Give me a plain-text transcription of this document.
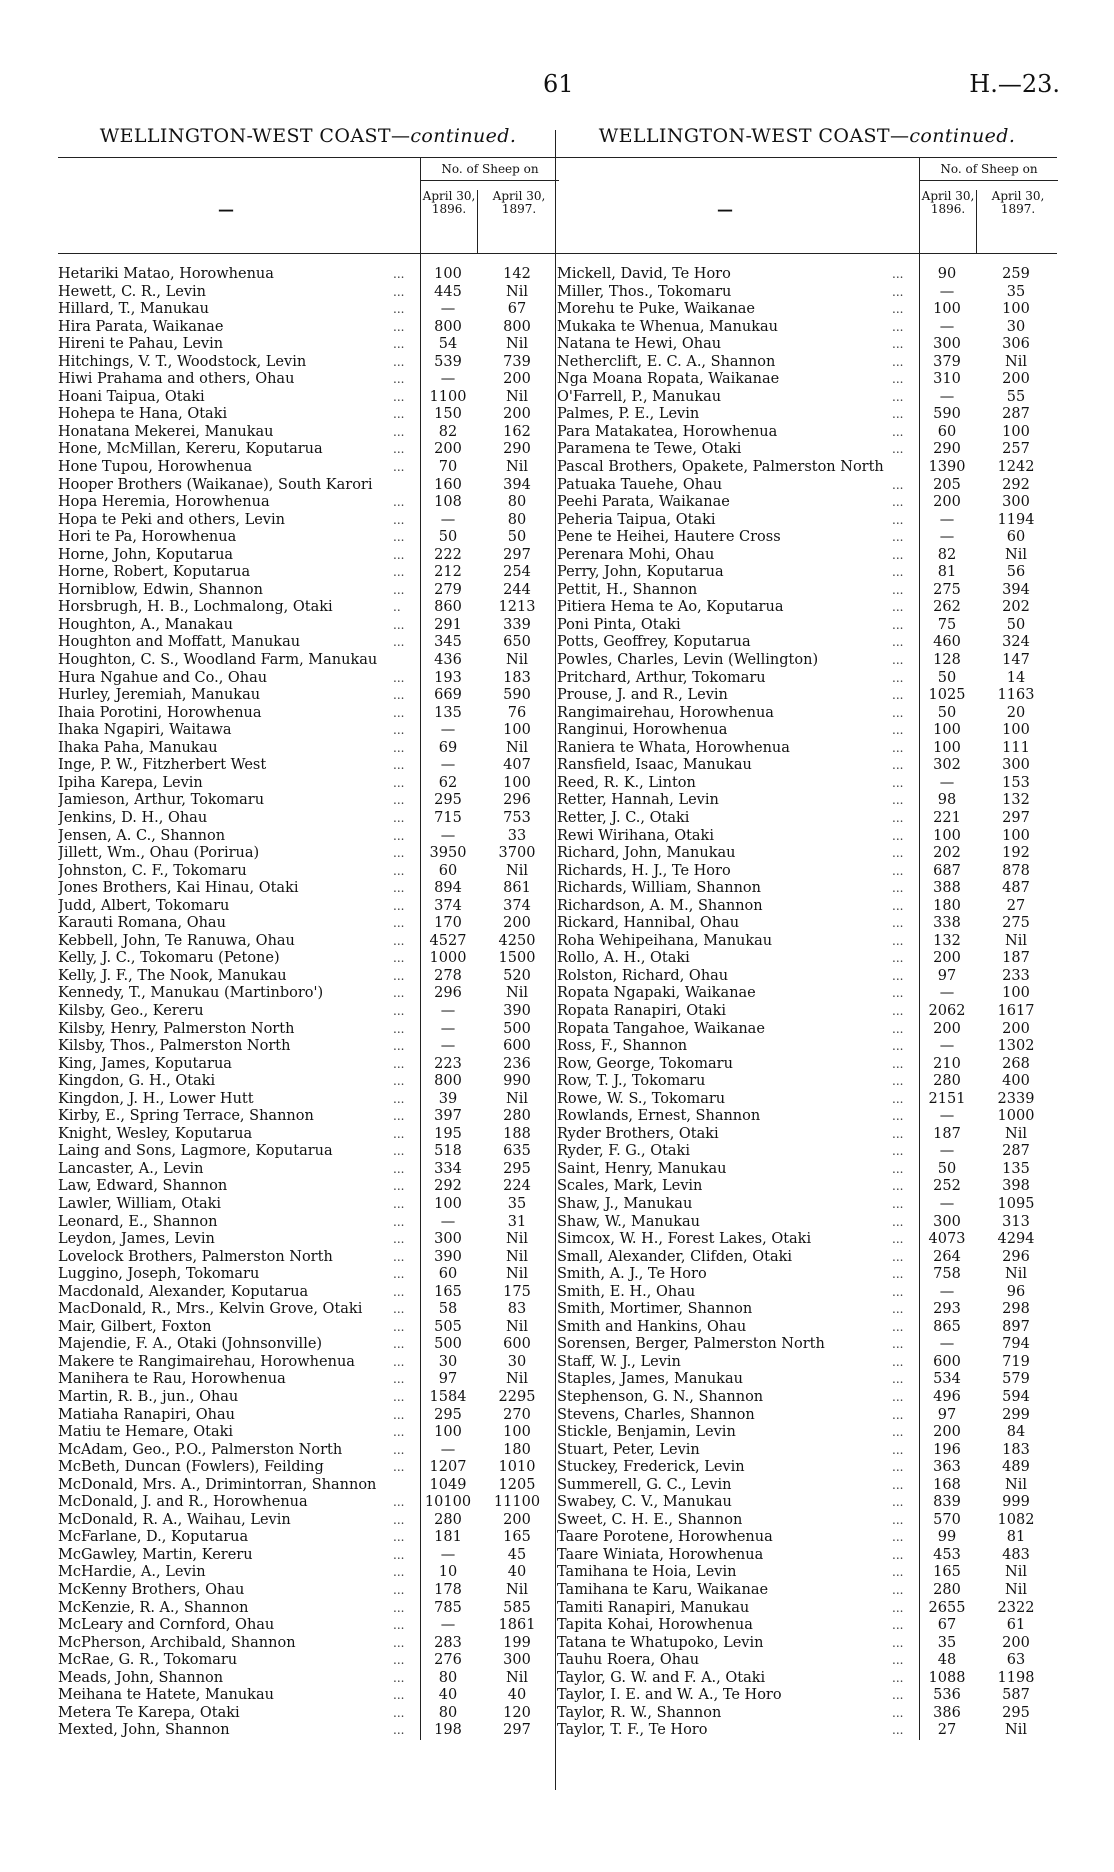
61	H.—23.
WELLINGTON-WEST COAST—continued.
—
No. of Sheep on
April 30, 1896.
April 30, 1897.
Hetariki Matao, Horowhenua	...	100	142
Hewett, C. R., Levin	...	445	Nil
Hillard, T., Manukau	...	—	67
Hira Parata, Waikanae	...	800	800
Hireni te Pahau, Levin	...	54	Nil
Hitchings, V. T., Woodstock, Levin	...	539	739
Hiwi Prahama and others, Ohau	...	—	200
Hoani Taipua, Otaki	...	1100	Nil
Hohepa te Hana, Otaki	...	150	200
Honatana Mekerei, Manukau	...	82	162
Hone, McMillan, Kereru, Koputarua	...	200	290
Hone Tupou, Horowhenua	...	70	Nil
Hooper Brothers (Waikanae), South Karori	160	394
Hopa Heremia, Horowhenua	...	108	80
Hopa te Peki and others, Levin	...	—	80
Hori te Pa, Horowhenua	...	50	50
Horne, John, Koputarua	...	222	297
Horne, Robert, Koputarua	...	212	254
Horniblow, Edwin, Shannon	...	279	244
Horsbrugh, H. B., Lochmalong, Otaki	..	860	1213
Houghton, A., Manakau	...	291	339
Houghton and Moffatt, Manukau	...	345	650
Houghton, C. S., Woodland Farm, Manukau	436	Nil
Hura Ngahue and Co., Ohau	...	193	183
Hurley, Jeremiah, Manukau	...	669	590
Ihaia Porotini, Horowhenua	...	135	76
Ihaka Ngapiri, Waitawa	...	—	100
Ihaka Paha, Manukau	...	69	Nil
Inge, P. W., Fitzherbert West	...	—	407
Ipiha Karepa, Levin	...	62	100
Jamieson, Arthur, Tokomaru	...	295	296
Jenkins, D. H., Ohau	...	715	753
Jensen, A. C., Shannon	...	—	33
Jillett, Wm., Ohau (Porirua)	...	3950	3700
Johnston, C. F., Tokomaru	...	60	Nil
Jones Brothers, Kai Hinau, Otaki	...	894	861
Judd, Albert, Tokomaru	...	374	374
Karauti Romana, Ohau	...	170	200
Kebbell, John, Te Ranuwa, Ohau	...	4527	4250
Kelly, J. C., Tokomaru (Petone)	...	1000	1500
Kelly, J. F., The Nook, Manukau	...	278	520
Kennedy, T., Manukau (Martinboro')	...	296	Nil
Kilsby, Geo., Kereru	...	—	390
Kilsby, Henry, Palmerston North	...	—	500
Kilsby, Thos., Palmerston North	...	—	600
King, James, Koputarua	...	223	236
Kingdon, G. H., Otaki	...	800	990
Kingdon, J. H., Lower Hutt	...	39	Nil
Kirby, E., Spring Terrace, Shannon	...	397	280
Knight, Wesley, Koputarua	...	195	188
Laing and Sons, Lagmore, Koputarua	...	518	635
Lancaster, A., Levin	...	334	295
Law, Edward, Shannon	...	292	224
Lawler, William, Otaki	...	100	35
Leonard, E., Shannon	...	—	31
Leydon, James, Levin	...	300	Nil
Lovelock Brothers, Palmerston North	...	390	Nil
Luggino, Joseph, Tokomaru	...	60	Nil
Macdonald, Alexander, Koputarua	...	165	175
MacDonald, R., Mrs., Kelvin Grove, Otaki	...	58	83
Mair, Gilbert, Foxton	...	505	Nil
Majendie, F. A., Otaki (Johnsonville)	...	500	600
Makere te Rangimairehau, Horowhenua	...	30	30
Manihera te Rau, Horowhenua	...	97	Nil
Martin, R. B., jun., Ohau	...	1584	2295
Matiaha Ranapiri, Ohau	...	295	270
Matiu te Hemare, Otaki	...	100	100
McAdam, Geo., P.O., Palmerston North	...	—	180
McBeth, Duncan (Fowlers), Feilding	...	1207	1010
McDonald, Mrs. A., Drimintorran, Shannon	1049	1205
McDonald, J. and R., Horowhenua	...	10100	11100
McDonald, R. A., Waihau, Levin	...	280	200
McFarlane, D., Koputarua	...	181	165
McGawley, Martin, Kereru	...	—	45
McHardie, A., Levin	...	10	40
McKenny Brothers, Ohau	...	178	Nil
McKenzie, R. A., Shannon	...	785	585
McLeary and Cornford, Ohau	...	—	1861
McPherson, Archibald, Shannon	...	283	199
McRae, G. R., Tokomaru	...	276	300
Meads, John, Shannon	...	80	Nil
Meihana te Hatete, Manukau	...	40	40
Metera Te Karepa, Otaki	...	80	120
Mexted, John, Shannon	...	198	297
WELLINGTON-WEST COAST—continued.
—
No. of Sheep on
April 30, 1896.
April 30, 1897.
Mickell, David, Te Horo	...	90	259
Miller, Thos., Tokomaru	...	—	35
Morehu te Puke, Waikanae	...	100	100
Mukaka te Whenua, Manukau	...	—	30
Natana te Hewi, Ohau	...	300	306
Netherclift, E. C. A., Shannon	...	379	Nil
Nga Moana Ropata, Waikanae	...	310	200
O'Farrell, P., Manukau	...	—	55
Palmes, P. E., Levin	...	590	287
Para Matakatea, Horowhenua	...	60	100
Paramena te Tewe, Otaki	...	290	257
Pascal Brothers, Opakete, Palmerston North	1390	1242
Patuaka Tauehe, Ohau	...	205	292
Peehi Parata, Waikanae	...	200	300
Peheria Taipua, Otaki	...	—	1194
Pene te Heihei, Hautere Cross	...	—	60
Perenara Mohi, Ohau	...	82	Nil
Perry, John, Koputarua	...	81	56
Pettit, H., Shannon	...	275	394
Pitiera Hema te Ao, Koputarua	...	262	202
Poni Pinta, Otaki	...	75	50
Potts, Geoffrey, Koputarua	...	460	324
Powles, Charles, Levin (Wellington)	...	128	147
Pritchard, Arthur, Tokomaru	...	50	14
Prouse, J. and R., Levin	...	1025	1163
Rangimairehau, Horowhenua	...	50	20
Ranginui, Horowhenua	...	100	100
Raniera te Whata, Horowhenua	...	100	111
Ransfield, Isaac, Manukau	...	302	300
Reed, R. K., Linton	...	—	153
Retter, Hannah, Levin	...	98	132
Retter, J. C., Otaki	...	221	297
Rewi Wirihana, Otaki	...	100	100
Richard, John, Manukau	...	202	192
Richards, H. J., Te Horo	...	687	878
Richards, William, Shannon	...	388	487
Richardson, A. M., Shannon	...	180	27
Rickard, Hannibal, Ohau	...	338	275
Roha Wehipeihana, Manukau	...	132	Nil
Rollo, A. H., Otaki	...	200	187
Rolston, Richard, Ohau	...	97	233
Ropata Ngapaki, Waikanae	...	—	100
Ropata Ranapiri, Otaki	...	2062	1617
Ropata Tangahoe, Waikanae	...	200	200
Ross, F., Shannon	...	—	1302
Row, George, Tokomaru	...	210	268
Row, T. J., Tokomaru	...	280	400
Rowe, W. S., Tokomaru	...	2151	2339
Rowlands, Ernest, Shannon	...	—	1000
Ryder Brothers, Otaki	...	187	Nil
Ryder, F. G., Otaki	...	—	287
Saint, Henry, Manukau	...	50	135
Scales, Mark, Levin	...	252	398
Shaw, J., Manukau	...	—	1095
Shaw, W., Manukau	...	300	313
Simcox, W. H., Forest Lakes, Otaki	...	4073	4294
Small, Alexander, Clifden, Otaki	...	264	296
Smith, A. J., Te Horo	...	758	Nil
Smith, E. H., Ohau	...	—	96
Smith, Mortimer, Shannon	...	293	298
Smith and Hankins, Ohau	...	865	897
Sorensen, Berger, Palmerston North	...	—	794
Staff, W. J., Levin	...	600	719
Staples, James, Manukau	...	534	579
Stephenson, G. N., Shannon	...	496	594
Stevens, Charles, Shannon	...	97	299
Stickle, Benjamin, Levin	...	200	84
Stuart, Peter, Levin	...	196	183
Stuckey, Frederick, Levin	...	363	489
Summerell, G. C., Levin	...	168	Nil
Swabey, C. V., Manukau	...	839	999
Sweet, C. H. E., Shannon	...	570	1082
Taare Porotene, Horowhenua	...	99	81
Taare Winiata, Horowhenua	...	453	483
Tamihana te Hoia, Levin	...	165	Nil
Tamihana te Karu, Waikanae	...	280	Nil
Tamiti Ranapiri, Manukau	...	2655	2322
Tapita Kohai, Horowhenua	...	67	61
Tatana te Whatupoko, Levin	...	35	200
Tauhu Roera, Ohau	...	48	63
Taylor, G. W. and F. A., Otaki	...	1088	1198
Taylor, I. E. and W. A., Te Horo	...	536	587
Taylor, R. W., Shannon	...	386	295
Taylor, T. F., Te Horo	...	27	Nil
